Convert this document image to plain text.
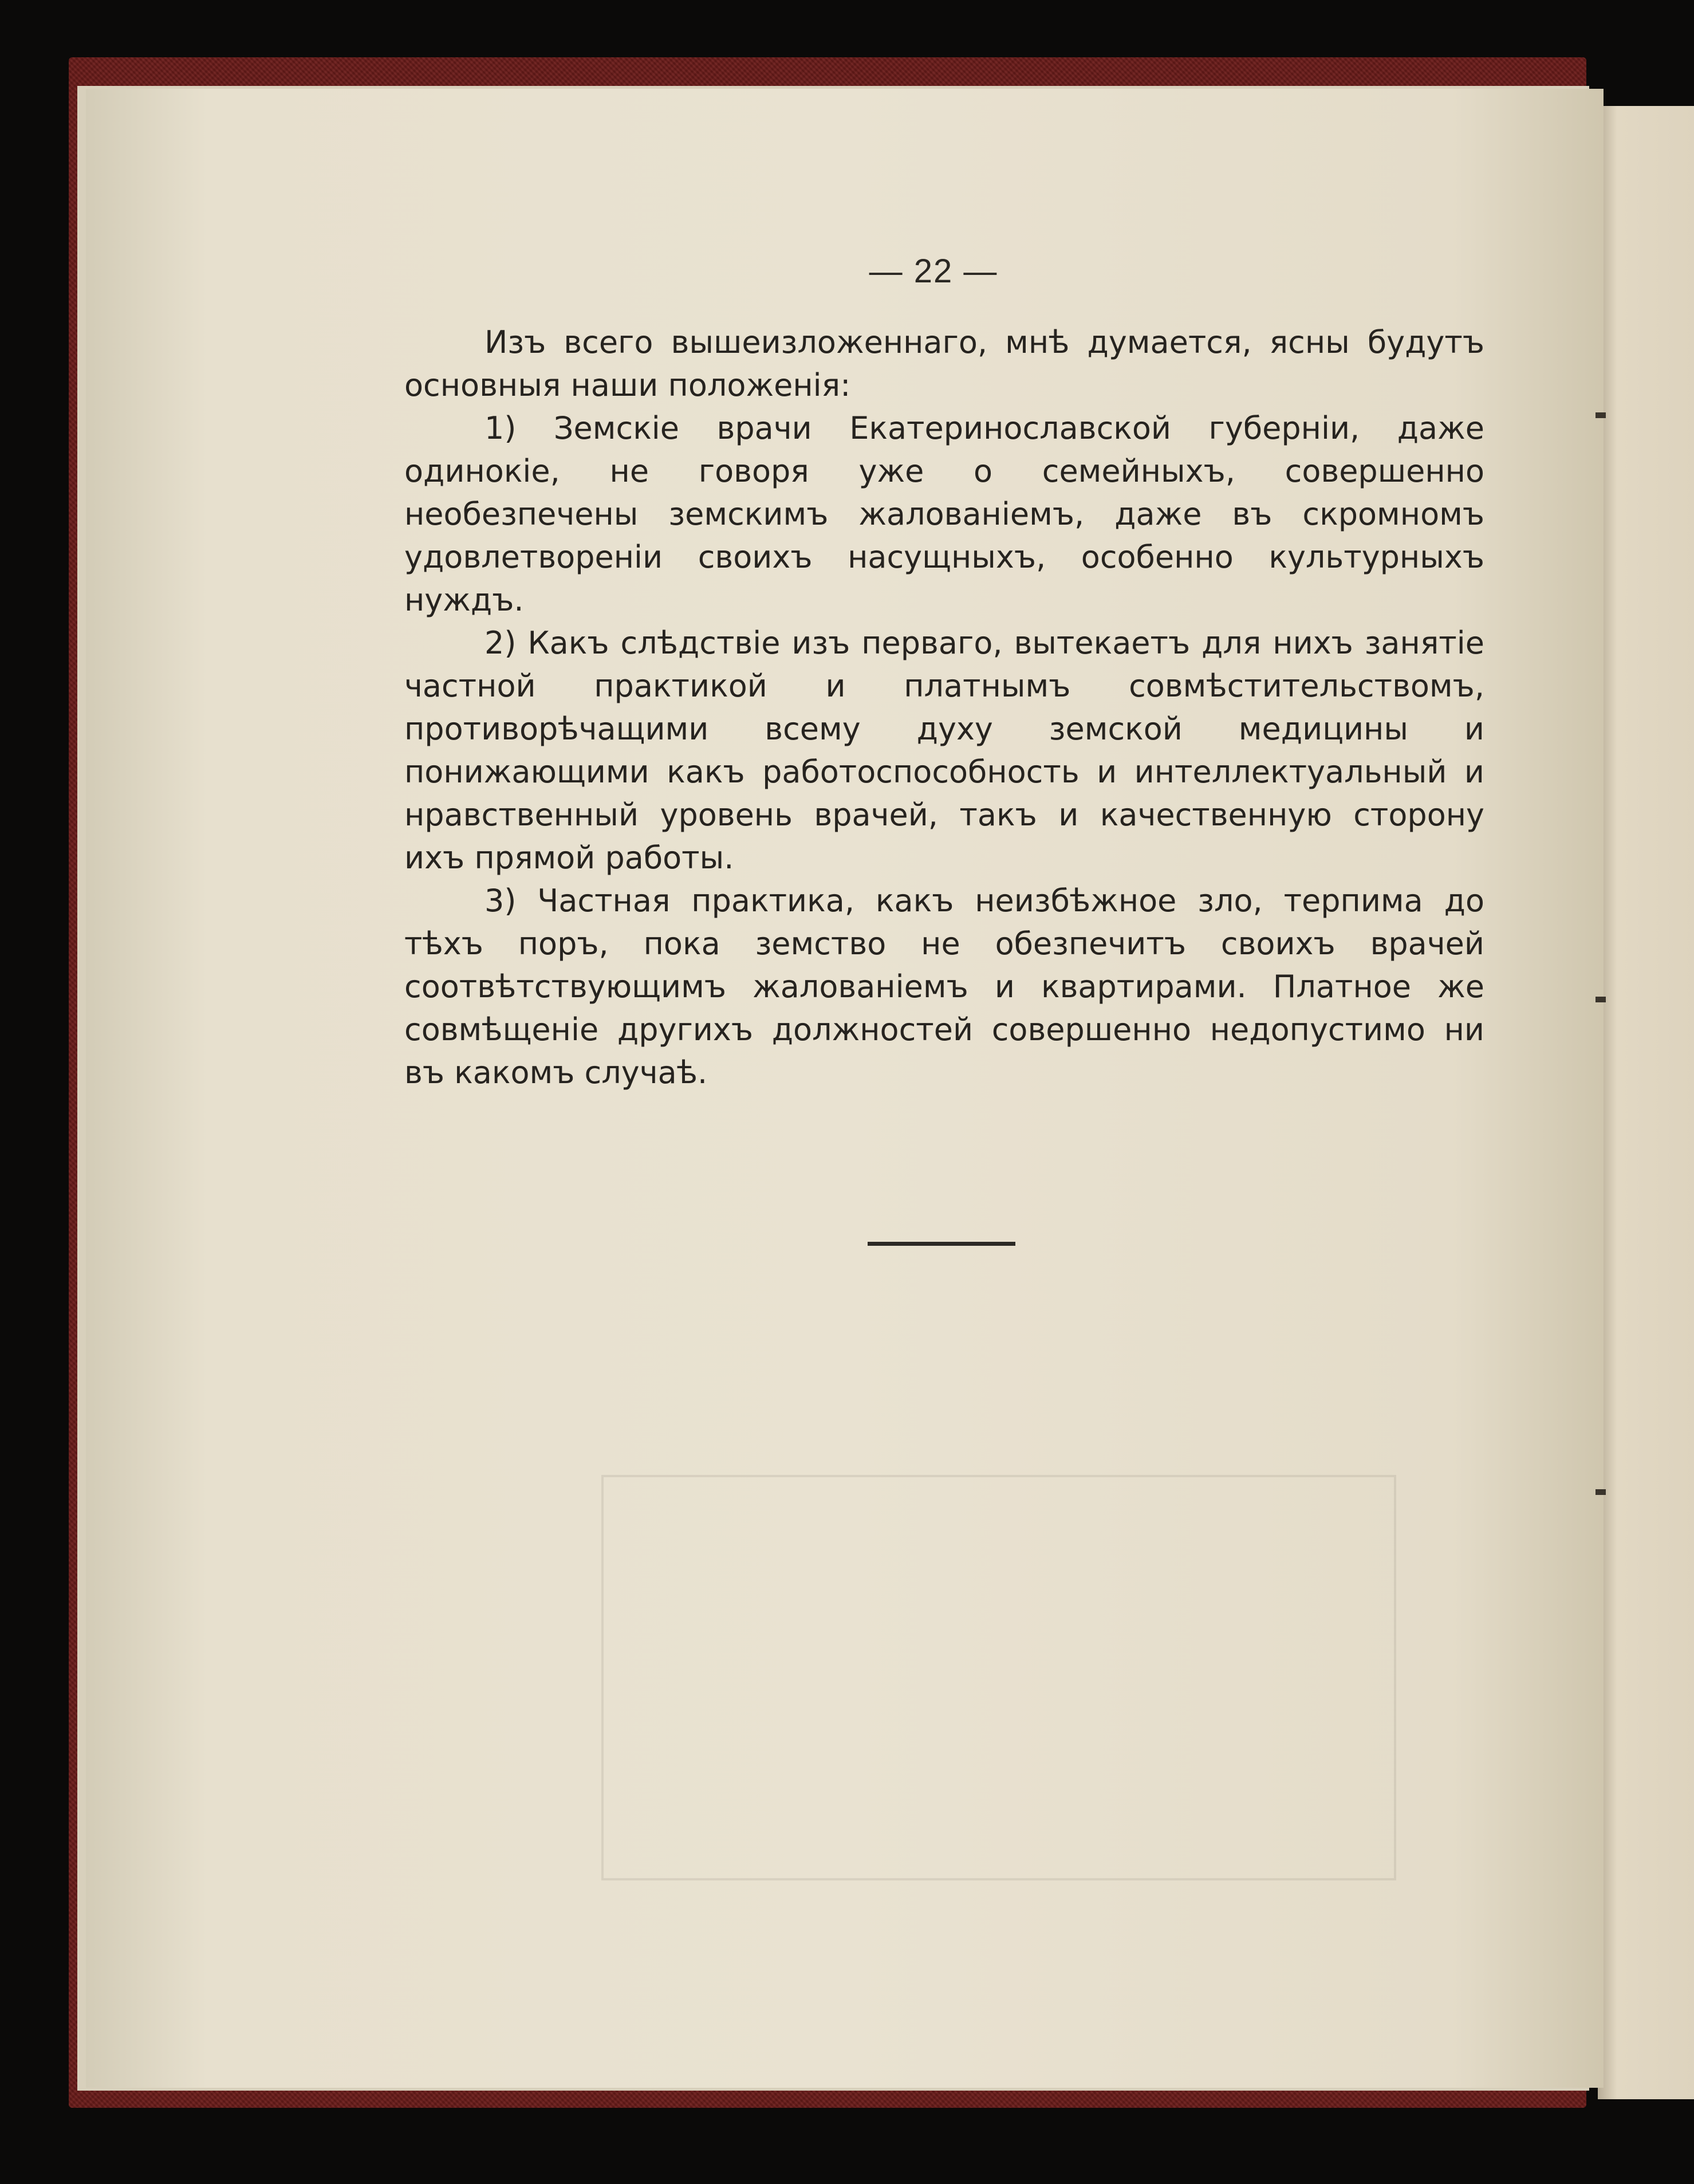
— 22 —

Изъ всего вышеизложеннаго, мнѣ думается, ясны будутъ основныя наши положенія:

1) Земскіе врачи Екатеринославской губерніи, даже одинокіе, не говоря уже о семейныхъ, совершенно необезпечены земскимъ жалованіемъ, даже въ скромномъ удовлетвореніи своихъ насущныхъ, особенно культурныхъ нуждъ.

2) Какъ слѣдствіе изъ перваго, вытекаетъ для нихъ занятіе частной практикой и платнымъ совмѣстительствомъ, противорѣчащими всему духу земской медицины и понижающими какъ работоспособность и интеллектуальный и нравственный уровень врачей, такъ и качественную сторону ихъ прямой работы.

3) Частная практика, какъ неизбѣжное зло, терпима до тѣхъ поръ, пока земство не обезпечитъ своихъ врачей соотвѣтствующимъ жалованіемъ и квартирами. Платное же совмѣщеніе другихъ должностей совершенно недопустимо ни въ какомъ случаѣ.
